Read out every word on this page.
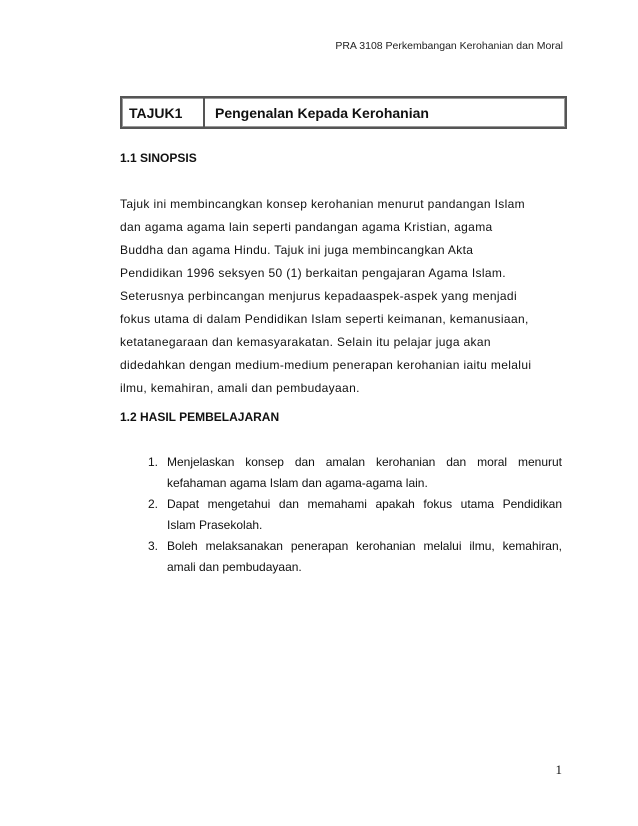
PRA 3108 Perkembangan Kerohanian dan Moral
TAJUK1	Pengenalan Kepada Kerohanian
1.1 SINOPSIS
Tajuk ini membincangkan konsep kerohanian menurut pandangan Islam
dan agama agama lain seperti pandangan agama Kristian, agama
Buddha dan agama Hindu. Tajuk ini juga membincangkan Akta
Pendidikan 1996 seksyen 50 (1) berkaitan pengajaran Agama Islam.
Seterusnya perbincangan menjurus kepadaaspek-aspek yang menjadi
fokus utama di dalam Pendidikan Islam seperti keimanan, kemanusiaan,
ketatanegaraan dan kemasyarakatan. Selain itu pelajar juga akan
didedahkan dengan medium-medium penerapan kerohanian iaitu melalui
ilmu, kemahiran, amali dan pembudayaan.
1.2 HASIL PEMBELAJARAN
1. Menjelaskan konsep dan amalan kerohanian dan moral menurut
kefahaman agama Islam dan agama-agama lain.
2. Dapat mengetahui dan memahami apakah fokus utama Pendidikan
Islam Prasekolah.
3. Boleh melaksanakan penerapan kerohanian melalui ilmu, kemahiran,
amali dan pembudayaan.
1
